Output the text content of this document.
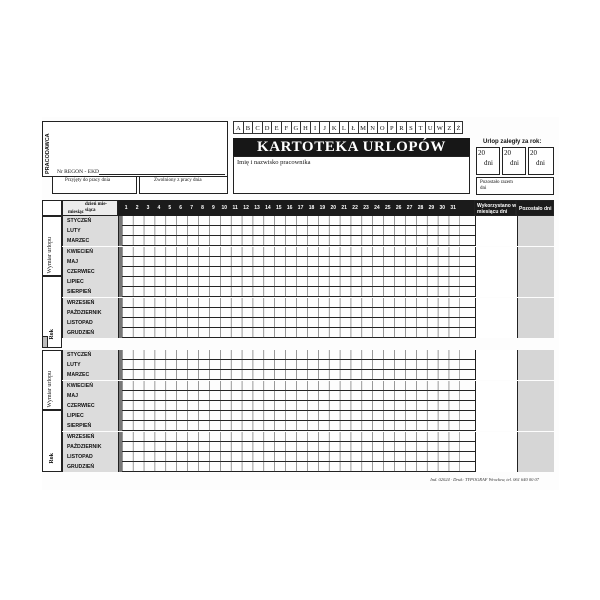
PRACODAWCA Nr REGON - EKD
Przyjęty do pracy dnia	Zwolniony z pracy dnia
A B C D E F G H I	J K L Ł M N O P R S T U W Z Ż
KARTOTEKA URLOPÓW
Imię i nazwisko pracownika
Urlop zaległy za rok:
20
dni
20
dni
20
dni
Pozostało razem dni
dzień mie- siąca
miesiąc
1	2	3	4	5	6	7	8	9	10	11	12	13	14	15	16	17	18	19	20	21	22	23	24	25	26	27	28	29	30	31	Wykorzystano w miesiącu dni	Pozostało dni
STYCZEŃ
LUTY
MARZEC
KWIECIEŃ
MAJ
CZERWIEC
LIPIEC
SIERPIEŃ
WRZESIEŃ
PAŹDZIERNIK
LISTOPAD
GRUDZIEŃ
STYCZEŃ
LUTY
MARZEC
KWIECIEŃ
MAJ
CZERWIEC
LIPIEC
SIERPIEŃ
WRZESIEŃ
PAŹDZIERNIK
LISTOPAD
GRUDZIEŃ
Wymiar urlopu
Rok
Wymiar urlopu
Rok
Ind. 02024 · Druk: TYPOGRAF Wrocław, tel. 061 640 00 07
